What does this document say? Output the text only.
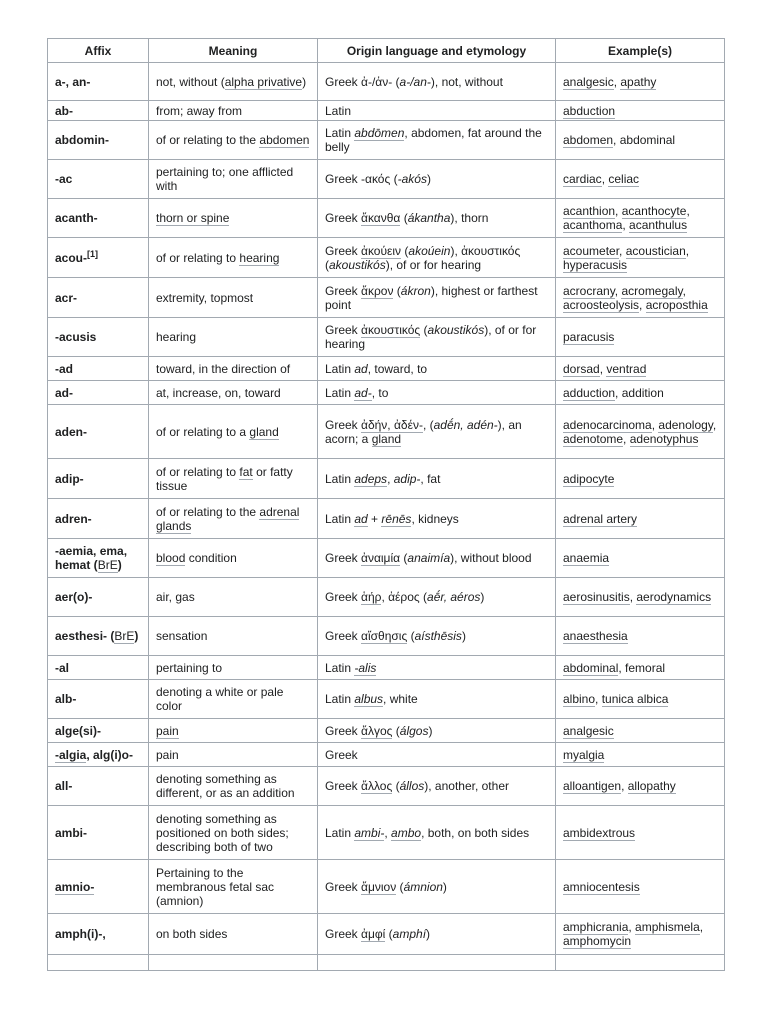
Affix	Meaning	Origin language and etymology	Example(s)
a-, an-	not, without (alpha privative)	Greek ἀ-/ἀν- (a-/an-), not, without	analgesic, apathy
ab-	from; away from	Latin	abduction
abdomin-	of or relating to the abdomen	Latin abdōmen, abdomen, fat around the belly	abdomen, abdominal
-ac	pertaining to; one afflicted with	Greek -ακός (-akós)	cardiac, celiac
acanth-	thorn or spine	Greek ἄκανθα (ákantha), thorn	acanthion, acanthocyte, acanthoma, acanthulus
acou-[1]	of or relating to hearing	Greek ἀκούειν (akoúein), ἀκουστικός (akoustikós), of or for hearing	acoumeter, acoustician, hyperacusis
acr-	extremity, topmost	Greek ἄκρον (ákron), highest or farthest point	acrocrany, acromegaly, acroosteolysis, acroposthia
-acusis	hearing	Greek ἀκουστικός (akoustikós), of or for hearing	paracusis
-ad	toward, in the direction of	Latin ad, toward, to	dorsad, ventrad
ad-	at, increase, on, toward	Latin ad-, to	adduction, addition
aden-	of or relating to a gland	Greek ἀδήν, ἀδέν-, (adḗn, adén-), an acorn; a gland	adenocarcinoma, adenology, adenotome, adenotyphus
adip-	of or relating to fat or fatty tissue	Latin adeps, adip-, fat	adipocyte
adren-	of or relating to the adrenal glands	Latin ad + rēnēs, kidneys	adrenal artery
-aemia, ema, hemat (BrE)	blood condition	Greek ἀναιμία (anaimía), without blood	anaemia
aer(o)-	air, gas	Greek ἁήρ, ἀέρος (aḗr, aéros)	aerosinusitis, aerodynamics
aesthesi- (BrE)	sensation	Greek αἴσθησις (aísthēsis)	anaesthesia
-al	pertaining to	Latin -alis	abdominal, femoral
alb-	denoting a white or pale color	Latin albus, white	albino, tunica albica
alge(si)-	pain	Greek ἄλγος (álgos)	analgesic
-algia, alg(i)o-	pain	Greek	myalgia
all-	denoting something as different, or as an addition	Greek ἄλλος (állos), another, other	alloantigen, allopathy
ambi-	denoting something as positioned on both sides; describing both of two	Latin ambi-, ambo, both, on both sides	ambidextrous
amnio-	Pertaining to the membranous fetal sac (amnion)	Greek ἄμνιον (ámnion)	amniocentesis
amph(i)-,	on both sides	Greek ἀμφί (amphí)	amphicrania, amphismela, amphomycin
